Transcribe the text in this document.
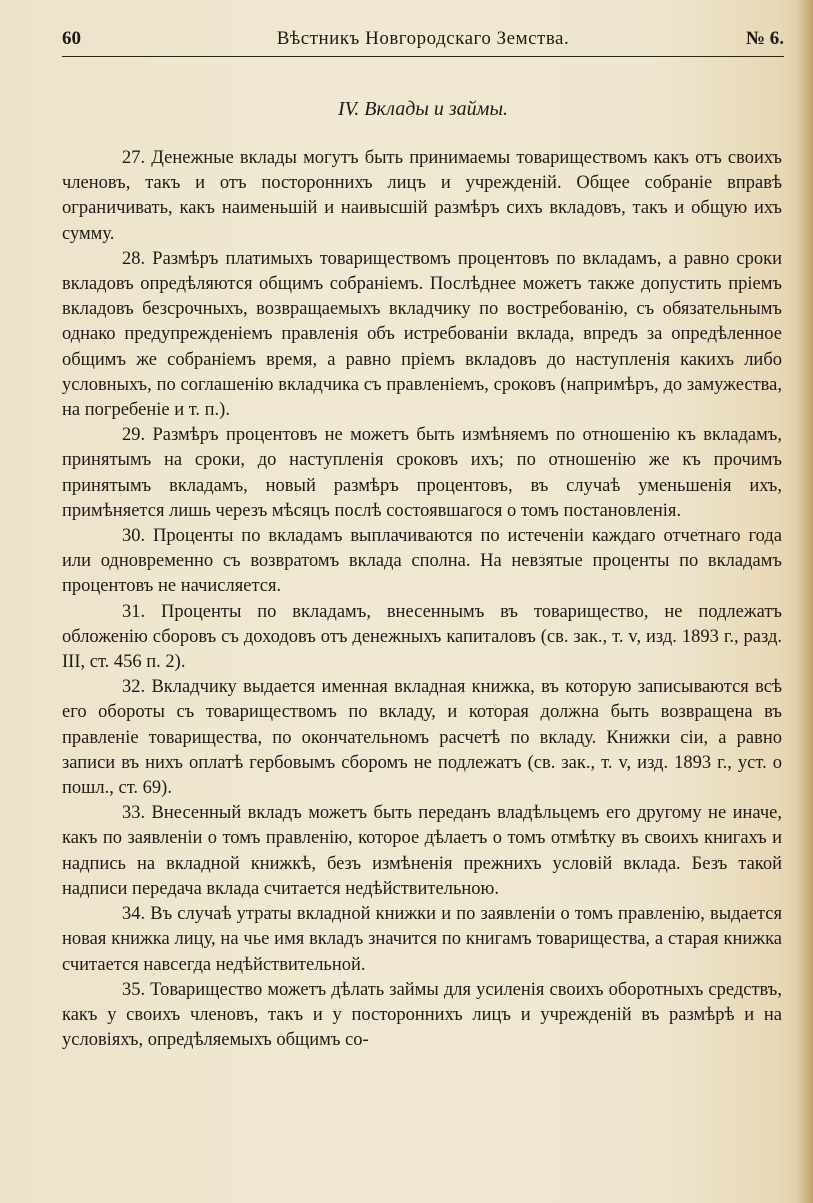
60	Вѣстникъ Новгородскаго Земства.	№ 6.
IV. Вклады и займы.

27. Денежные вклады могутъ быть принимаемы товариществомъ какъ отъ своихъ членовъ, такъ и отъ постороннихъ лицъ и учрежденій. Общее собраніе вправѣ ограничивать, какъ наименьшій и наивысшій размѣръ сихъ вкладовъ, такъ и общую ихъ сумму.

28. Размѣръ платимыхъ товариществомъ процентовъ по вкладамъ, а равно сроки вкладовъ опредѣляются общимъ собраніемъ. Послѣднее можетъ также допустить пріемъ вкладовъ безсрочныхъ, возвращаемыхъ вкладчику по востребованію, съ обязательнымъ однако предупрежденіемъ правленія объ истребованіи вклада, впредъ за опредѣленное общимъ же собраніемъ время, а равно пріемъ вкладовъ до наступленія какихъ либо условныхъ, по соглашенію вкладчика съ правленіемъ, сроковъ (напримѣръ, до замужества, на погребеніе и т. п.).

29. Размѣръ процентовъ не можетъ быть измѣняемъ по отношенію къ вкладамъ, принятымъ на сроки, до наступленія сроковъ ихъ; по отношенію же къ прочимъ принятымъ вкладамъ, новый размѣръ процентовъ, въ случаѣ уменьшенія ихъ, примѣняется лишь черезъ мѣсяцъ послѣ состоявшагося о томъ постановленія.

30. Проценты по вкладамъ выплачиваются по истеченіи каждаго отчетнаго года или одновременно съ возвратомъ вклада сполна. На невзятые проценты по вкладамъ процентовъ не начисляется.

31. Проценты по вкладамъ, внесеннымъ въ товарищество, не подлежатъ обложенію сборовъ съ доходовъ отъ денежныхъ капиталовъ (св. зак., т. v, изд. 1893 г., разд. III, ст. 456 п. 2).

32. Вкладчику выдается именная вкладная книжка, въ которую записываются всѣ его обороты съ товариществомъ по вкладу, и которая должна быть возвращена въ правленіе товарищества, по окончательномъ расчетѣ по вкладу. Книжки сіи, а равно записи въ нихъ оплатѣ гербовымъ сборомъ не подлежатъ (св. зак., т. v, изд. 1893 г., уст. о пошл., ст. 69).

33. Внесенный вкладъ можетъ быть переданъ владѣльцемъ его другому не иначе, какъ по заявленіи о томъ правленію, которое дѣлаетъ о томъ отмѣтку въ своихъ книгахъ и надпись на вкладной книжкѣ, безъ измѣненія прежнихъ условій вклада. Безъ такой надписи передача вклада считается недѣйствительною.

34. Въ случаѣ утраты вкладной книжки и по заявленіи о томъ правленію, выдается новая книжка лицу, на чье имя вкладъ значится по книгамъ товарищества, а старая книжка считается навсегда недѣйствительной.

35. Товарищество можетъ дѣлать займы для усиленія своихъ оборотныхъ средствъ, какъ у своихъ членовъ, такъ и у постороннихъ лицъ и учрежденій въ размѣрѣ и на условіяхъ, опредѣляемыхъ общимъ со-
